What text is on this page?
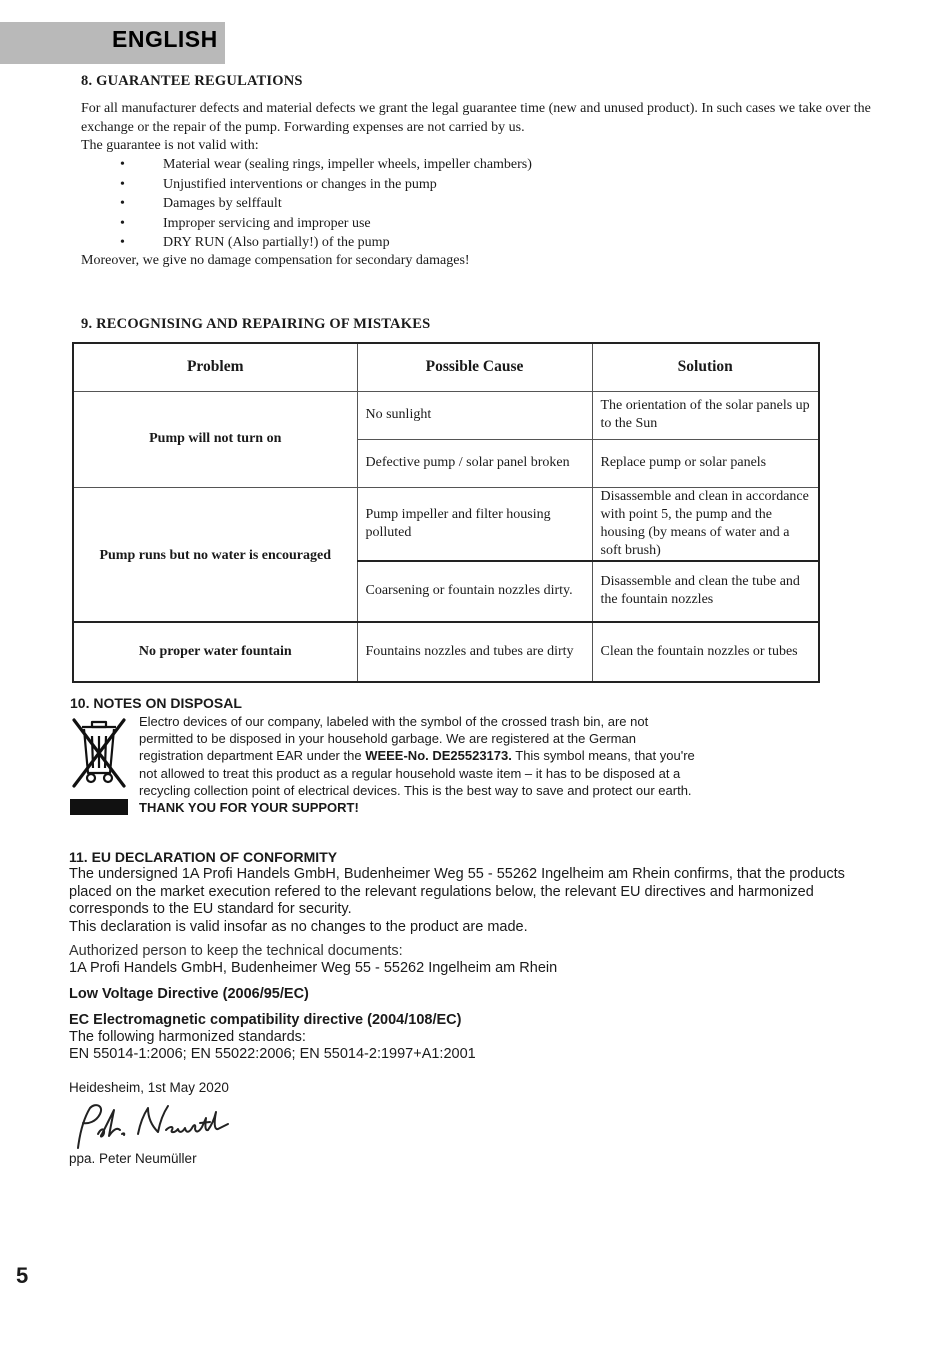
ENGLISH
8. GUARANTEE REGULATIONS
For all manufacturer defects and material defects we grant the legal guarantee time (new and unused product). In such cases we take over the exchange or the repair of the pump. Forwarding expenses are not carried by us.
The guarantee is not valid with:
• Material wear (sealing rings, impeller wheels, impeller chambers)
• Unjustified interventions or changes in the pump
• Damages by selffault
• Improper servicing and improper use
• DRY RUN (Also partially!) of the pump
Moreover, we give no damage compensation for secondary damages!
9. RECOGNISING AND REPAIRING OF MISTAKES
Problem	Possible Cause	Solution
Pump will not turn on	No sunlight	The orientation of the solar panels up to the Sun
	Defective pump / solar panel broken	Replace pump or solar panels
Pump runs but no water is encouraged	Pump impeller and filter housing polluted	Disassemble and clean in accordance with point 5, the pump and the housing (by means of water and a soft brush)
	Coarsening or fountain nozzles dirty.	Disassemble and clean the tube and the fountain nozzles
No proper water fountain	Fountains nozzles and tubes are dirty	Clean the fountain nozzles or tubes
10. NOTES ON DISPOSAL
Electro devices of our company, labeled with the symbol of the crossed trash bin, are not permitted to be disposed in your household garbage. We are registered at the German registration department EAR under the WEEE-No. DE25523173. This symbol means, that you're not allowed to treat this product as a regular household waste item – it has to be disposed at a recycling collection point of electrical devices. This is the best way to save and protect our earth.
THANK YOU FOR YOUR SUPPORT!
11. EU DECLARATION OF CONFORMITY
The undersigned 1A Profi Handels GmbH, Budenheimer Weg 55 - 55262 Ingelheim am Rhein confirms, that the products placed on the market execution refered to the relevant regulations below, the relevant EU directives and harmonized corresponds to the EU standard for security.
This declaration is valid insofar as no changes to the product are made.
Authorized person to keep the technical documents:
1A Profi Handels GmbH, Budenheimer Weg 55 - 55262 Ingelheim am Rhein
Low Voltage Directive (2006/95/EC)
EC Electromagnetic compatibility directive (2004/108/EC)
The following harmonized standards:
EN 55014-1:2006; EN 55022:2006; EN 55014-2:1997+A1:2001
Heidesheim, 1st May 2020
ppa. Peter Neumüller
5
